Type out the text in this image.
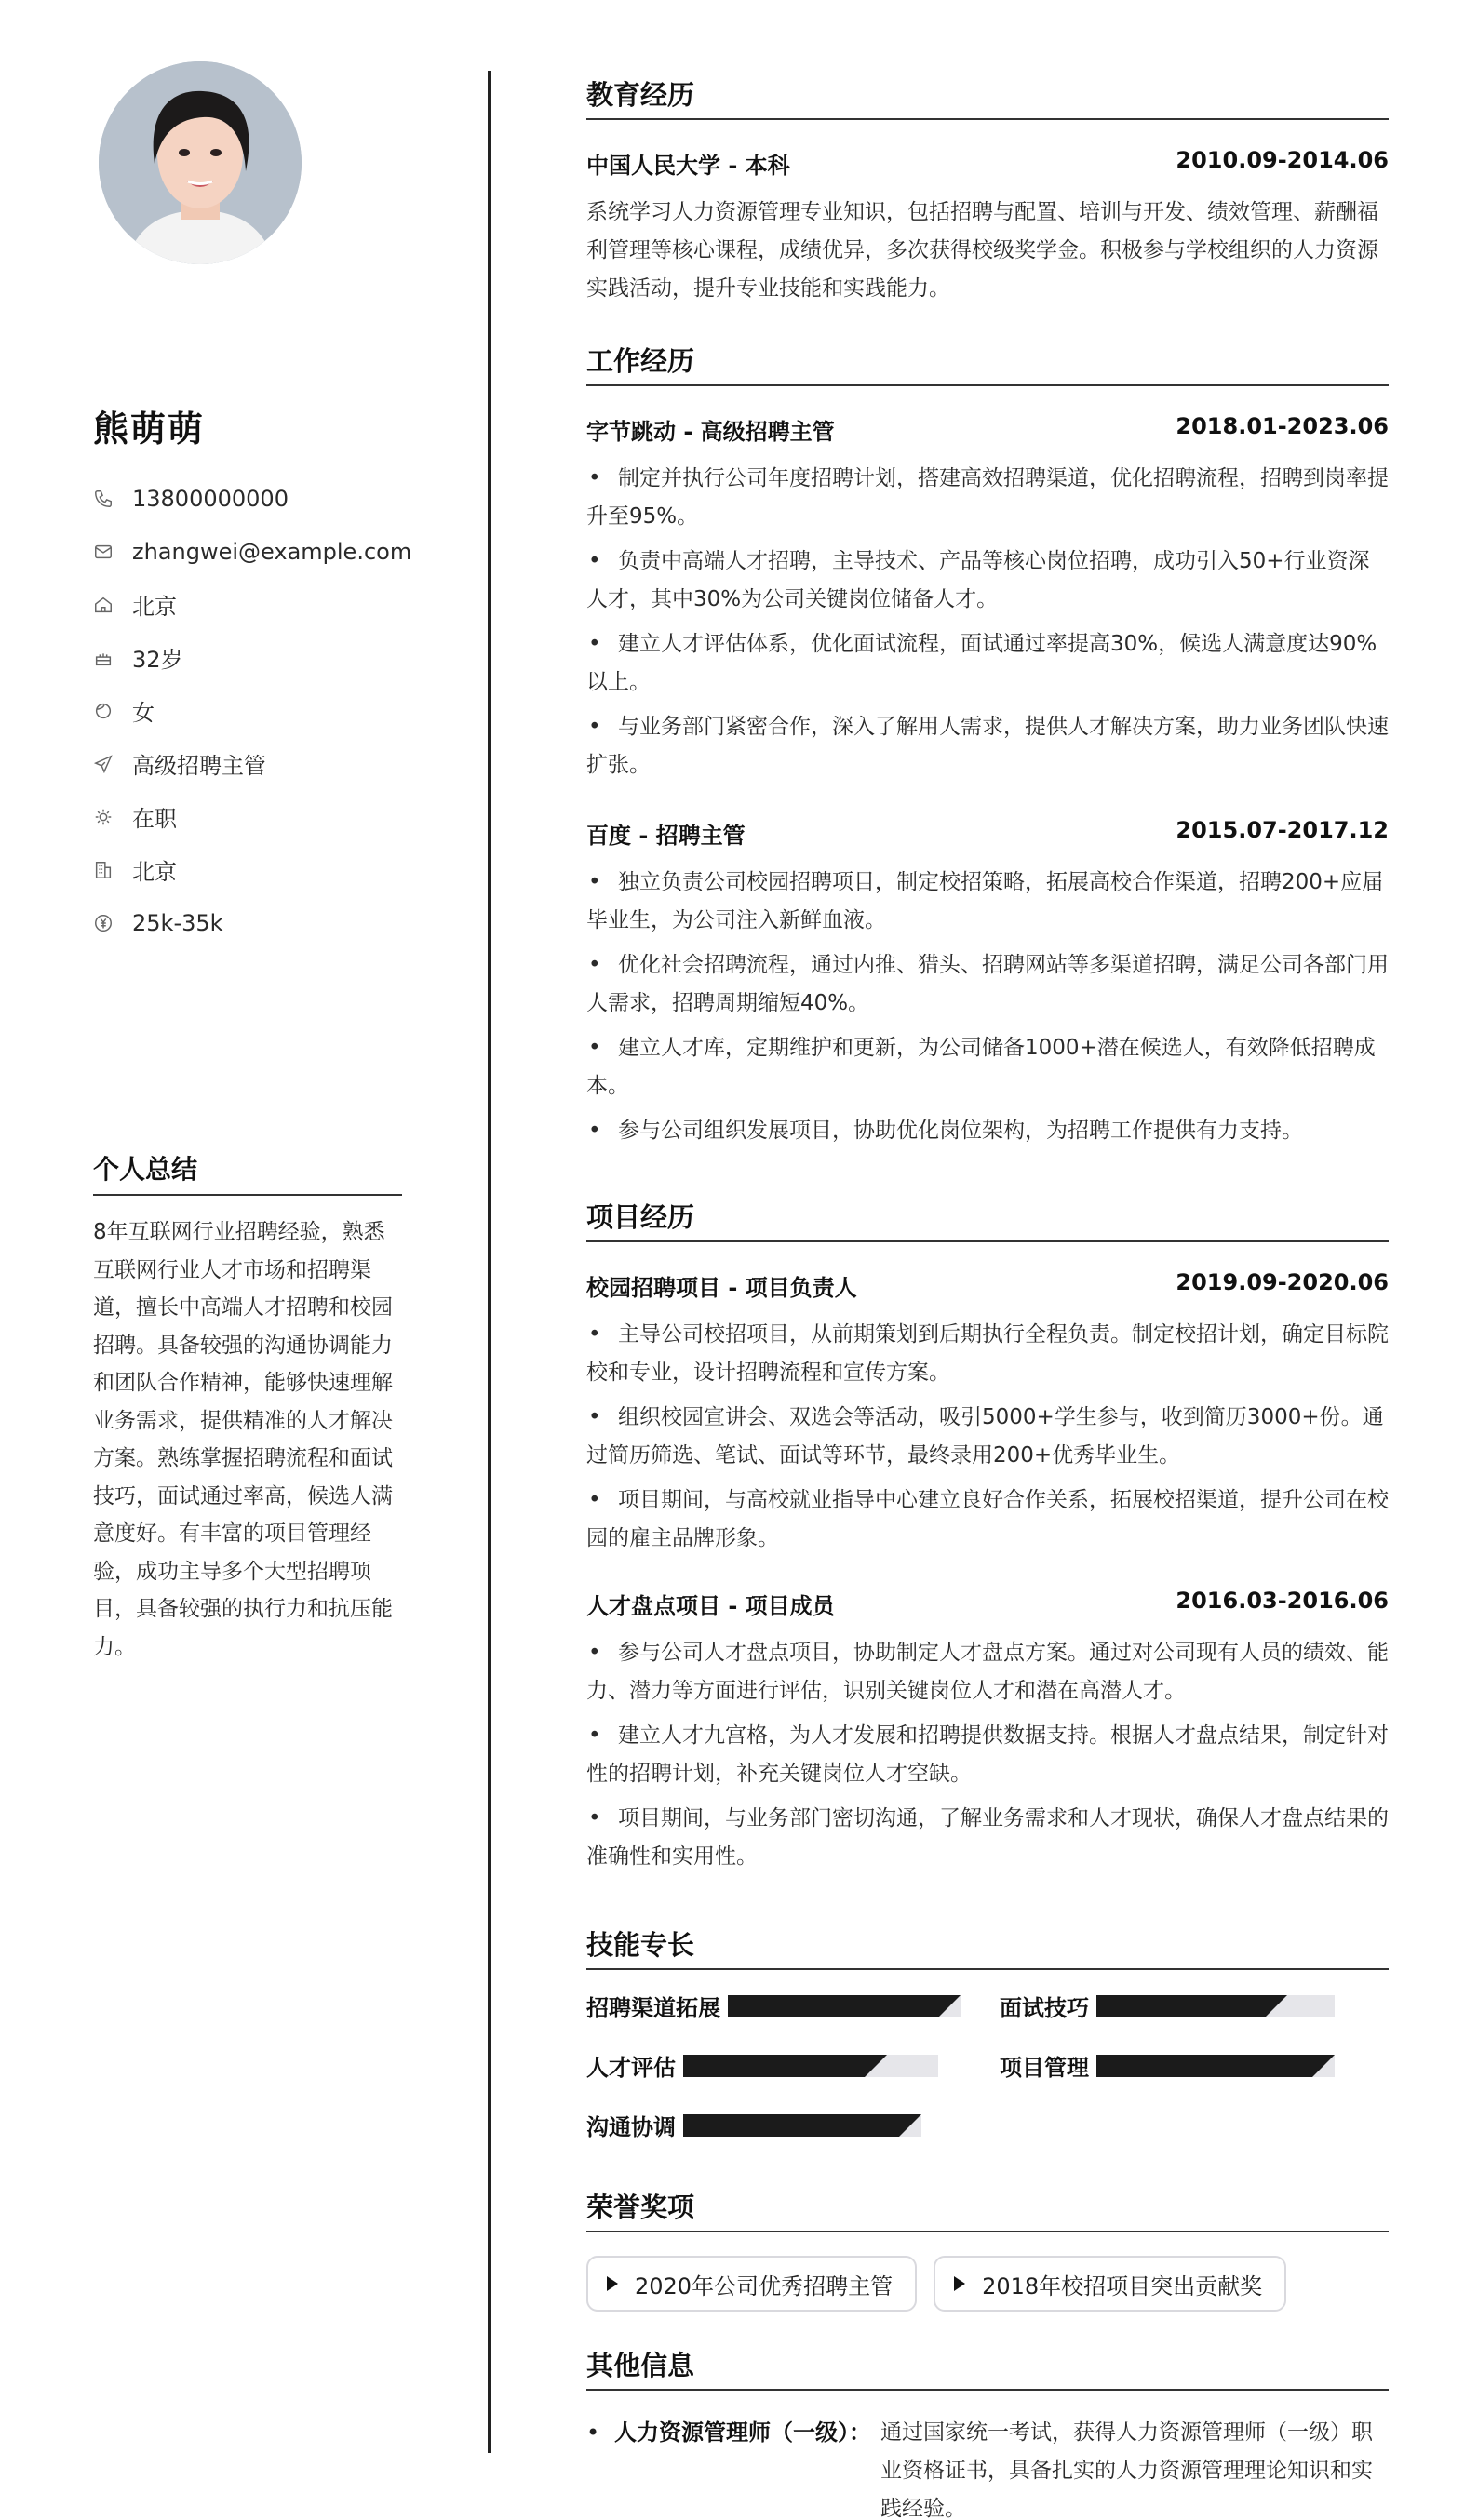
熊萌萌
13800000000
zhangwei@example.com
北京
32岁
女
高级招聘主管
在职
北京
25k-35k
个人总结
8年互联网行业招聘经验，熟悉互联网行业人才市场和招聘渠道，擅长中高端人才招聘和校园招聘。具备较强的沟通协调能力和团队合作精神，能够快速理解业务需求，提供精准的人才解决方案。熟练掌握招聘流程和面试技巧，面试通过率高，候选人满意度好。有丰富的项目管理经验，成功主导多个大型招聘项目，具备较强的执行力和抗压能力。
教育经历
中国人民大学 - 本科	2010.09-2014.06
系统学习人力资源管理专业知识，包括招聘与配置、培训与开发、绩效管理、薪酬福利管理等核心课程，成绩优异，多次获得校级奖学金。积极参与学校组织的人力资源实践活动，提升专业技能和实践能力。
工作经历
字节跳动 - 高级招聘主管	2018.01-2023.06
• 制定并执行公司年度招聘计划，搭建高效招聘渠道，优化招聘流程，招聘到岗率提升至95%。
• 负责中高端人才招聘，主导技术、产品等核心岗位招聘，成功引入50+行业资深人才，其中30%为公司关键岗位储备人才。
• 建立人才评估体系，优化面试流程，面试通过率提高30%，候选人满意度达90%以上。
• 与业务部门紧密合作，深入了解用人需求，提供人才解决方案，助力业务团队快速扩张。
百度 - 招聘主管	2015.07-2017.12
• 独立负责公司校园招聘项目，制定校招策略，拓展高校合作渠道，招聘200+应届毕业生，为公司注入新鲜血液。
• 优化社会招聘流程，通过内推、猎头、招聘网站等多渠道招聘，满足公司各部门用人需求，招聘周期缩短40%。
• 建立人才库，定期维护和更新，为公司储备1000+潜在候选人，有效降低招聘成本。
• 参与公司组织发展项目，协助优化岗位架构，为招聘工作提供有力支持。
项目经历
校园招聘项目 - 项目负责人	2019.09-2020.06
• 主导公司校招项目，从前期策划到后期执行全程负责。制定校招计划，确定目标院校和专业，设计招聘流程和宣传方案。
• 组织校园宣讲会、双选会等活动，吸引5000+学生参与，收到简历3000+份。通过简历筛选、笔试、面试等环节，最终录用200+优秀毕业生。
• 项目期间，与高校就业指导中心建立良好合作关系，拓展校招渠道，提升公司在校园的雇主品牌形象。
人才盘点项目 - 项目成员	2016.03-2016.06
• 参与公司人才盘点项目，协助制定人才盘点方案。通过对公司现有人员的绩效、能力、潜力等方面进行评估，识别关键岗位人才和潜在高潜人才。
• 建立人才九宫格，为人才发展和招聘提供数据支持。根据人才盘点结果，制定针对性的招聘计划，补充关键岗位人才空缺。
• 项目期间，与业务部门密切沟通，了解业务需求和人才现状，确保人才盘点结果的准确性和实用性。
技能专长
招聘渠道拓展	面试技巧
人才评估	项目管理
沟通协调
荣誉奖项
2020年公司优秀招聘主管	2018年校招项目突出贡献奖
其他信息
• 人力资源管理师（一级）： 通过国家统一考试，获得人力资源管理师（一级）职业资格证书，具备扎实的人力资源管理理论知识和实践经验。
